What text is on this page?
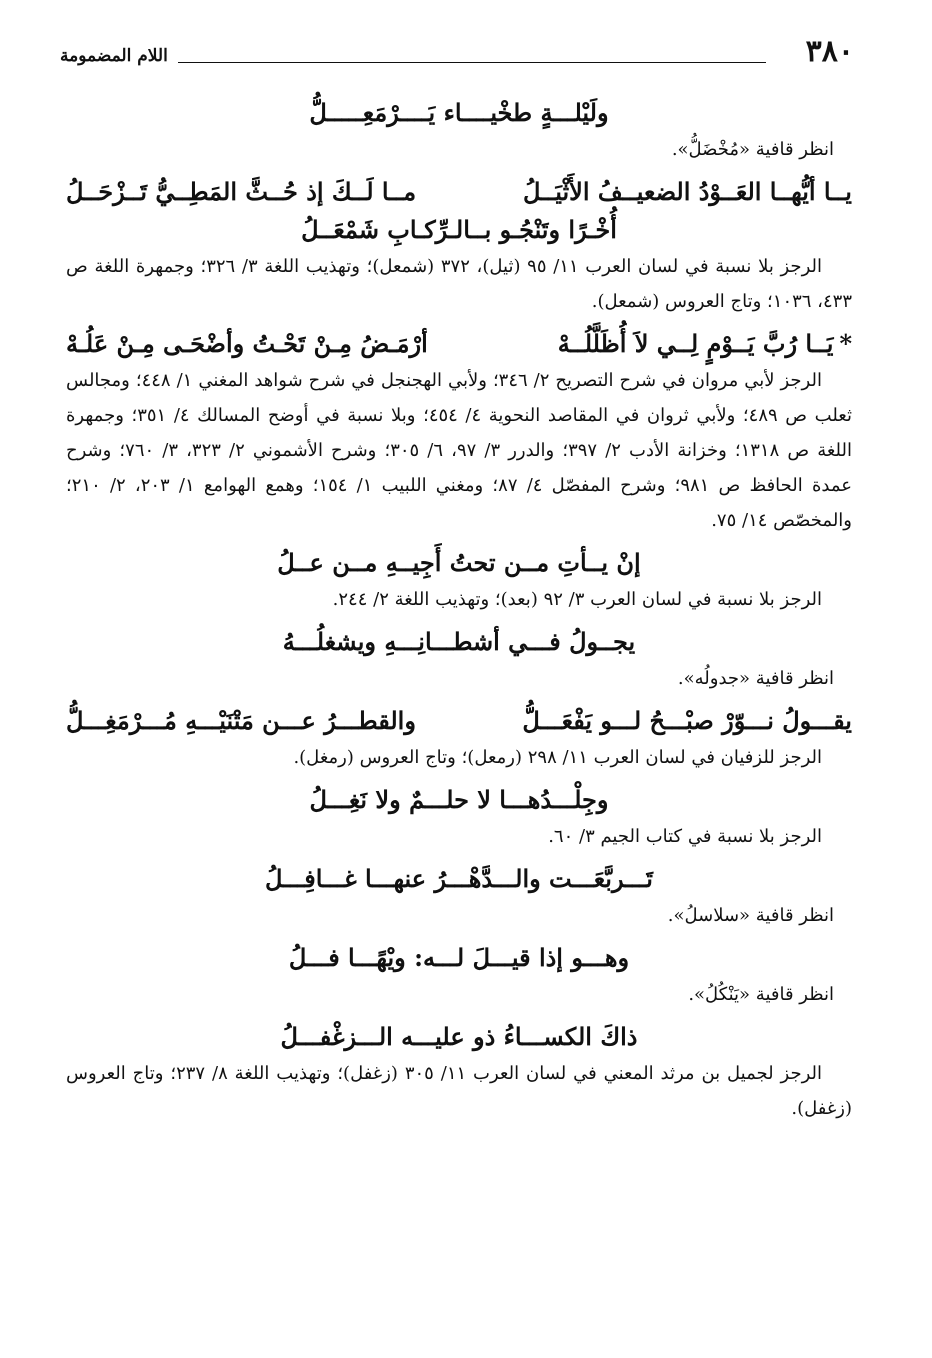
٣٨٠
اللام المضمومة
ولَيْلـــةٍ طخْيــــاء يَــــرْمَعِـــــلُّ

انظر قافية «مُخْضَلُّ».

يــا أيُّهــا العَــوْدُ الضعيــفُ الأَثْيَــلُ
مــا لَــكَ إذ حُــثَّ المَطِــيُّ تَــزْحَــلُ
أُخْـرًا وتَنْجُـو بــالـرِّكـابِ شَمْعَــلُ

الرجز بلا نسبة في لسان العرب ١١/ ٩٥ (ثيل)، ٣٧٢ (شمعل)؛ وتهذيب اللغة ٣/ ٣٢٦؛ وجمهرة اللغة ص ٤٣٣، ١٠٣٦؛ وتاج العروس (شمعل).

*يَــا رُبَّ يَــوْمٍ لِــي لاَ أُظَلَّلُــهْ
أرْمَـضُ مِـنْ تَحْـتُ وأضْحَـى مِـنْ عَلُـهْ

الرجز لأبي مروان في شرح التصريح ٢/ ٣٤٦؛ ولأبي الهجنجل في شرح شواهد المغني ١/ ٤٤٨؛ ومجالس ثعلب ص ٤٨٩؛ ولأبي ثروان في المقاصد النحوية ٤/ ٤٥٤؛ وبلا نسبة في أوضح المسالك ٤/ ٣٥١؛ وجمهرة اللغة ص ١٣١٨؛ وخزانة الأدب ٢/ ٣٩٧؛ والدرر ٣/ ٩٧، ٦/ ٣٠٥؛ وشرح الأشموني ٢/ ٣٢٣، ٣/ ٧٦٠؛ وشرح عمدة الحافظ ص ٩٨١؛ وشرح المفصّل ٤/ ٨٧؛ ومغني اللبيب ١/ ١٥٤؛ وهمع الهوامع ١/ ٢٠٣، ٢/ ٢١٠؛ والمخصّص ١٤/ ٧٥.

إنْ يــأتِ مــن تحتُ أَجِيــهِ مــن عــلُ

الرجز بلا نسبة في لسان العرب ٣/ ٩٢ (بعد)؛ وتهذيب اللغة ٢/ ٢٤٤.

يجــولُ فـــي أشطـــانِـــهِ ويشغلُـــهُ

انظر قافية «جدولُه».

يقـــولُ نـــوّرْ صبْـــحُ لـــو يَفْعَـــلُّ
والقطـــرُ عـــن مَتْنَيْـــهِ مُـــرْمَغِـــلُّ

الرجز للزفيان في لسان العرب ١١/ ٢٩٨ (رمعل)؛ وتاج العروس (رمغل).

وجِلْـــدُهـــا لا حلـــمٌ ولا نَغِـــلُ

الرجز بلا نسبة في كتاب الجيم ٣/ ٦٠.

تَـــربَّعَـــت والـــدَّهْـــرُ عنهـــا غـــافِـــلُ

انظر قافية «سلاسلُ».

وهـــو إذا قيـــلَ لـــه: ويْهًـــا فـــلُ

انظر قافية «يَنْكُلُ».

ذاكَ الكســـاءُ ذو عليـــه الـــزغْفـــلُ

الرجز لجميل بن مرثد المعني في لسان العرب ١١/ ٣٠٥ (زغفل)؛ وتهذيب اللغة ٨/ ٢٣٧؛ وتاج العروس (زغفل).
